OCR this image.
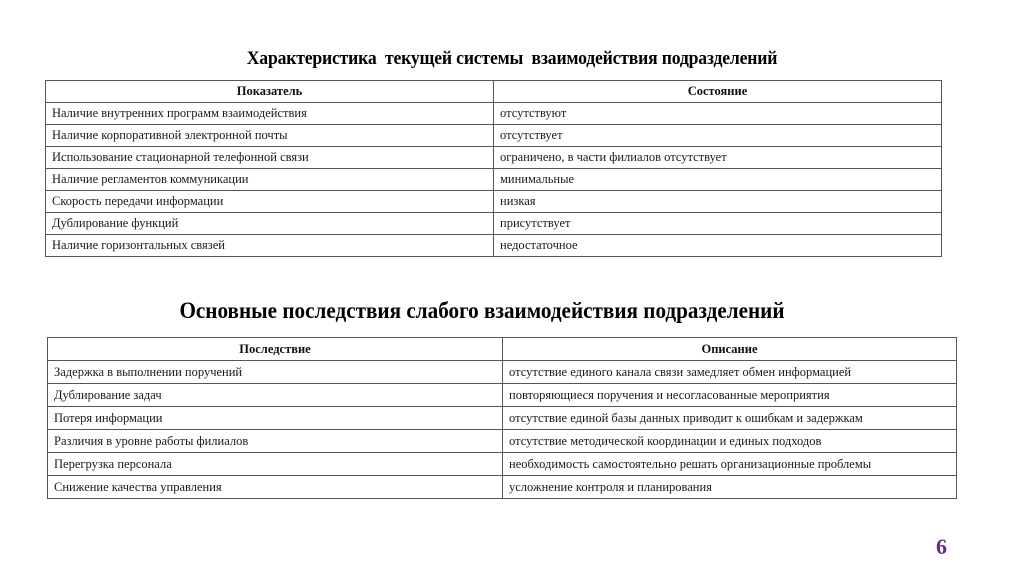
Характеристика  текущей системы  взаимодействия подразделений
Показатель	Состояние
Наличие внутренних программ взаимодействия	отсутствуют
Наличие корпоративной электронной почты	отсутствует
Использование стационарной телефонной связи	ограничено, в части филиалов отсутствует
Наличие регламентов коммуникации	минимальные
Скорость передачи информации	низкая
Дублирование функций	присутствует
Наличие горизонтальных связей	недостаточное
Основные последствия слабого взаимодействия подразделений
Последствие	Описание
Задержка в выполнении поручений	отсутствие единого канала связи замедляет обмен информацией
Дублирование задач	повторяющиеся поручения и несогласованные мероприятия
Потеря информации	отсутствие единой базы данных приводит к ошибкам и задержкам
Различия в уровне работы филиалов	отсутствие методической координации и единых подходов
Перегрузка персонала	необходимость самостоятельно решать организационные проблемы
Снижение качества управления	усложнение контроля и планирования
6
